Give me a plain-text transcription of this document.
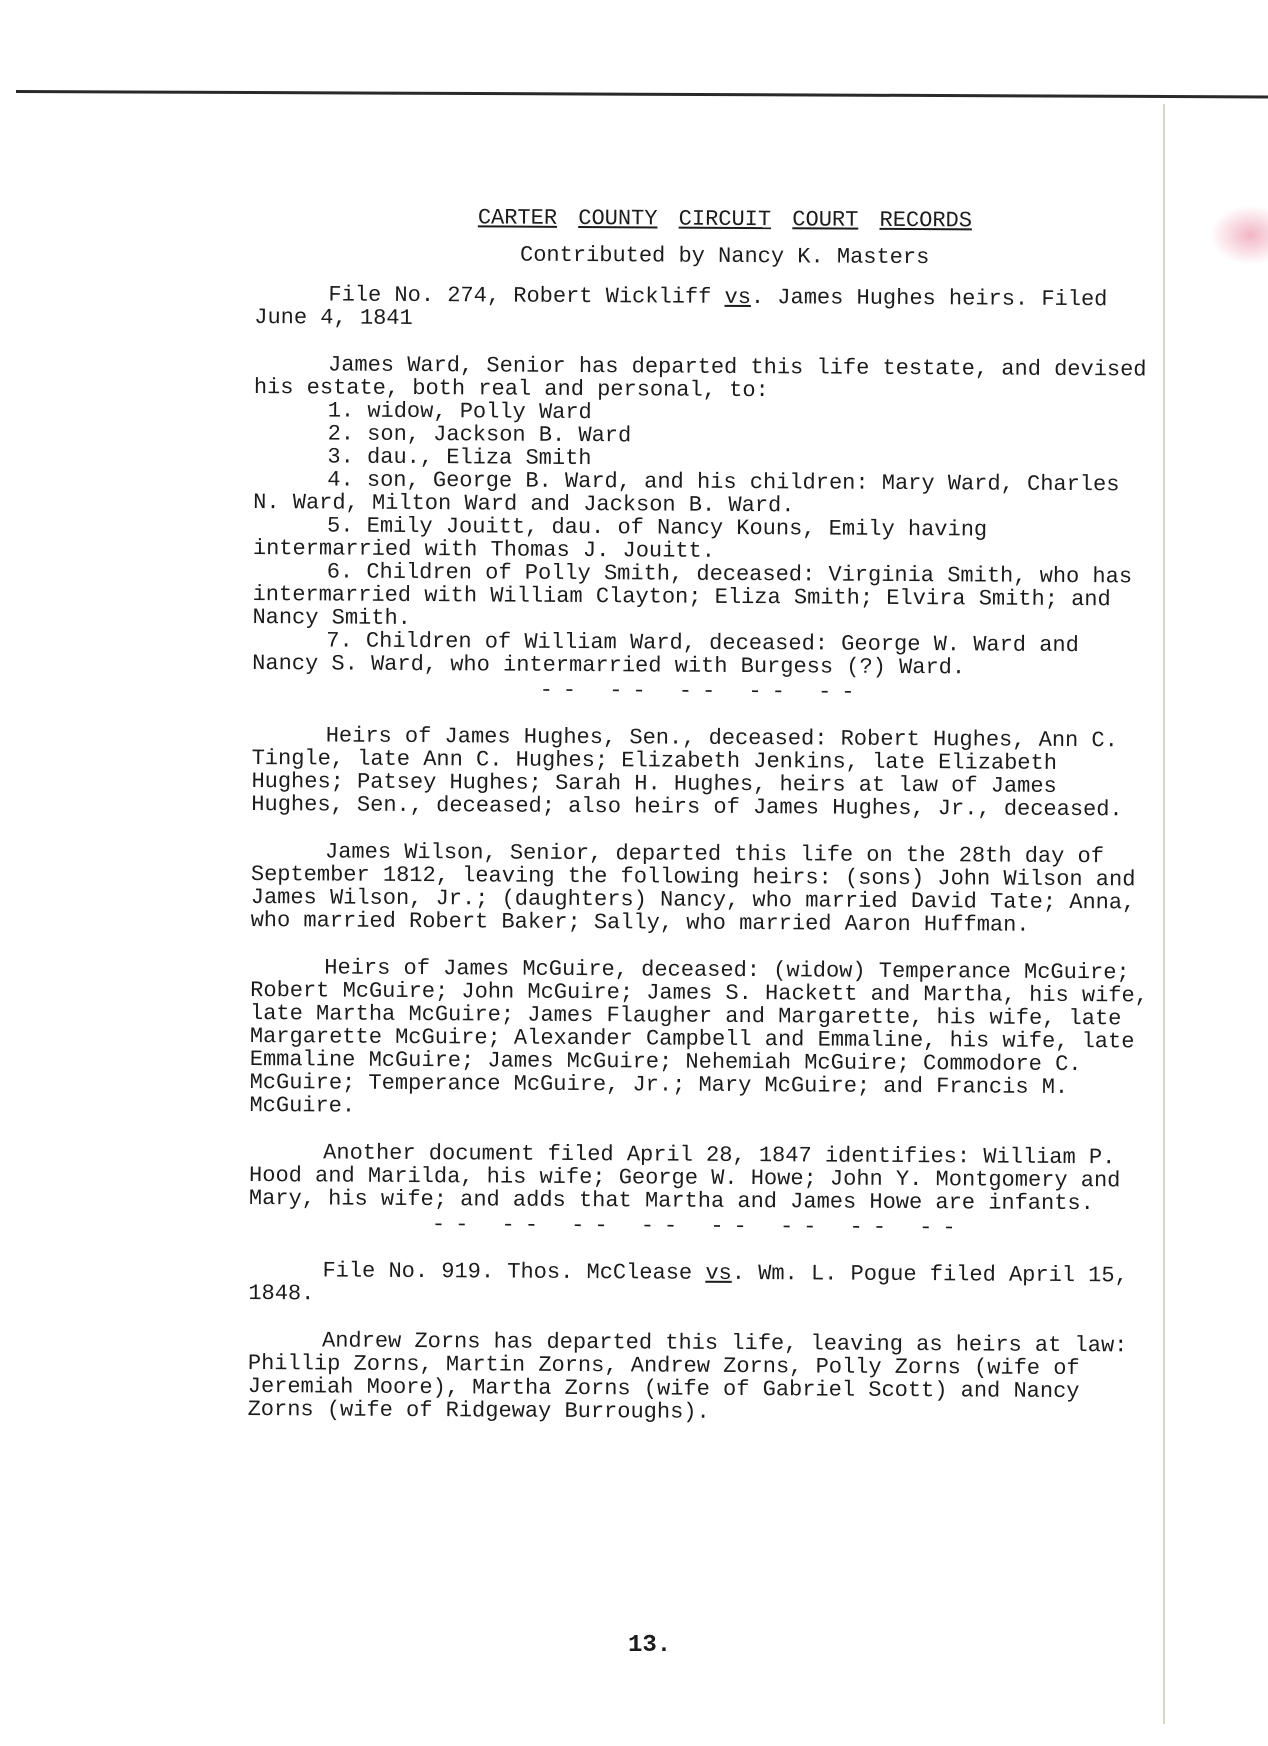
CARTER COUNTY CIRCUIT COURT RECORDS
Contributed by Nancy K. Masters

File No. 274, Robert Wickliff vs. James Hughes heirs. Filed June 4, 1841

James Ward, Senior has departed this life testate, and devised his estate, both real and personal, to:

1. widow, Polly Ward

2. son, Jackson B. Ward

3. dau., Eliza Smith

4. son, George B. Ward, and his children: Mary Ward, Charles N. Ward, Milton Ward and Jackson B. Ward.

5. Emily Jouitt, dau. of Nancy Kouns, Emily having intermarried with Thomas J. Jouitt.

6. Children of Polly Smith, deceased: Virginia Smith, who has intermarried with William Clayton; Eliza Smith; Elvira Smith; and Nancy Smith.

7. Children of William Ward, deceased: George W. Ward and Nancy S. Ward, who intermarried with Burgess (?) Ward.

-- -- -- -- --

Heirs of James Hughes, Sen., deceased: Robert Hughes, Ann C. Tingle, late Ann C. Hughes; Elizabeth Jenkins, late Elizabeth Hughes; Patsey Hughes; Sarah H. Hughes, heirs at law of James Hughes, Sen., deceased; also heirs of James Hughes, Jr., deceased.

James Wilson, Senior, departed this life on the 28th day of September 1812, leaving the following heirs: (sons) John Wilson and James Wilson, Jr.; (daughters) Nancy, who married David Tate; Anna, who married Robert Baker; Sally, who married Aaron Huffman.

Heirs of James McGuire, deceased: (widow) Temperance McGuire; Robert McGuire; John McGuire; James S. Hackett and Martha, his wife, late Martha McGuire; James Flaugher and Margarette, his wife, late Margarette McGuire; Alexander Campbell and Emmaline, his wife, late Emmaline McGuire; James McGuire; Nehemiah McGuire; Commodore C. McGuire; Temperance McGuire, Jr.; Mary McGuire; and Francis M. McGuire.

Another document filed April 28, 1847 identifies: William P. Hood and Marilda, his wife; George W. Howe; John Y. Montgomery and Mary, his wife; and adds that Martha and James Howe are infants.

-- -- -- -- -- -- -- --

File No. 919. Thos. McClease vs. Wm. L. Pogue filed April 15, 1848.

Andrew Zorns has departed this life, leaving as heirs at law: Phillip Zorns, Martin Zorns, Andrew Zorns, Polly Zorns (wife of Jeremiah Moore), Martha Zorns (wife of Gabriel Scott) and Nancy Zorns (wife of Ridgeway Burroughs).

13.
